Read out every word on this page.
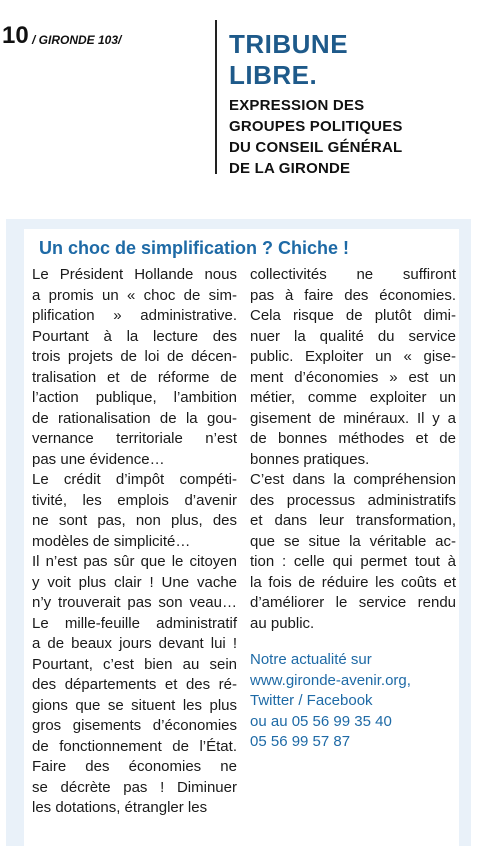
10 / GIRONDE 103/	TRIBUNE
LIBRE.
EXPRESSION DES
GROUPES POLITIQUES
DU CONSEIL GÉNÉRAL
DE LA GIRONDE
Un choc de simplification ? Chiche !
Le Président Hollande nous
a promis un « choc de sim-
plification » administrative.
Pourtant à la lecture des
trois projets de loi de décen-
tralisation et de réforme de
l’action publique, l’ambition
de rationalisation de la gou-
vernance territoriale n’est
pas une évidence…
Le crédit d’impôt compéti-
tivité, les emplois d’avenir
ne sont pas, non plus, des
modèles de simplicité…
Il n’est pas sûr que le citoyen
y voit plus clair ! Une vache
n’y trouverait pas son veau…
Le mille-feuille administratif
a de beaux jours devant lui !
Pourtant, c’est bien au sein
des départements et des ré-
gions que se situent les plus
gros gisements d’économies
de fonctionnement de l’État.
Faire des économies ne
se décrète pas ! Diminuer
les dotations, étrangler les
collectivités ne suffiront
pas à faire des économies.
Cela risque de plutôt dimi-
nuer la qualité du service
public. Exploiter un « gise-
ment d’économies » est un
métier, comme exploiter un
gisement de minéraux. Il y a
de bonnes méthodes et de
bonnes pratiques.
C’est dans la compréhension
des processus administratifs
et dans leur transformation,
que se situe la véritable ac-
tion : celle qui permet tout à
la fois de réduire les coûts et
d’améliorer le service rendu
au public.
Notre actualité sur
www.gironde-avenir.org,
Twitter / Facebook
ou au 05 56 99 35 40
05 56 99 57 87
